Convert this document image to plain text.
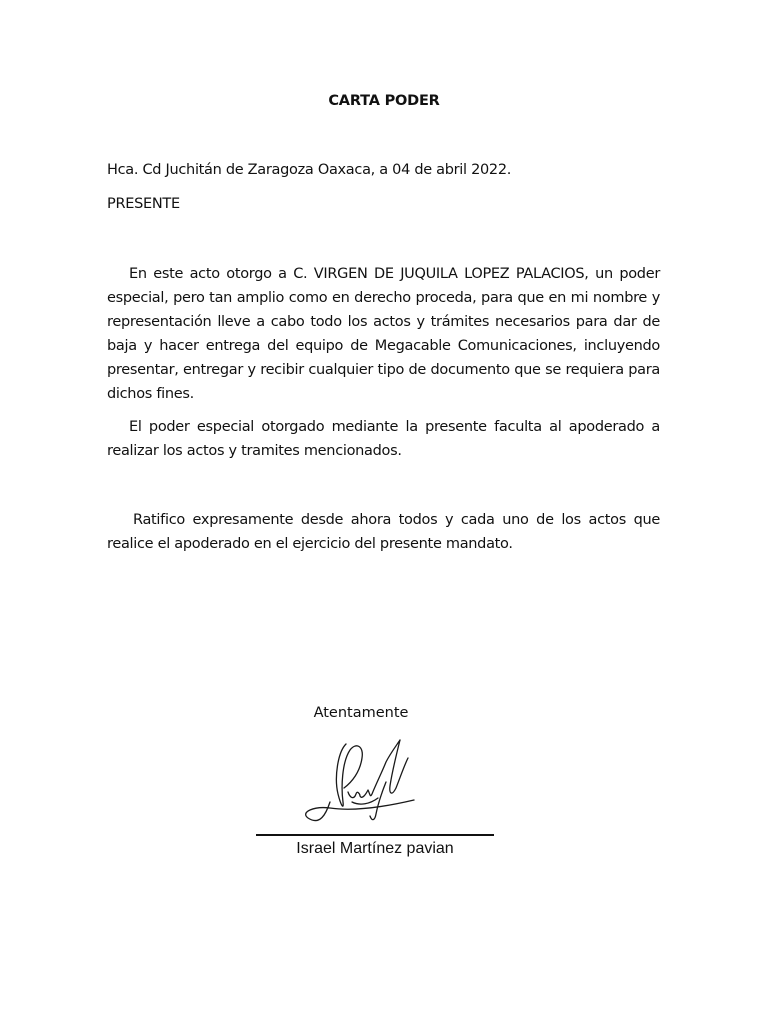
CARTA PODER
Hca. Cd Juchitán de Zaragoza Oaxaca, a 04 de abril 2022.
PRESENTE

En este acto otorgo a C. VIRGEN DE JUQUILA LOPEZ PALACIOS, un poder especial, pero tan amplio como en derecho proceda, para que en mi nombre y representación lleve a cabo todo los actos y trámites necesarios para dar de baja y hacer entrega del equipo de Megacable Comunicaciones, incluyendo presentar, entregar y recibir cualquier tipo de documento que se requiera para dichos fines.

El poder especial otorgado mediante la presente faculta al apoderado a realizar los actos y tramites mencionados.

Ratifico expresamente desde ahora todos y cada uno de los actos que realice el apoderado en el ejercicio del presente mandato.

Atentamente
Israel Martínez pavian
